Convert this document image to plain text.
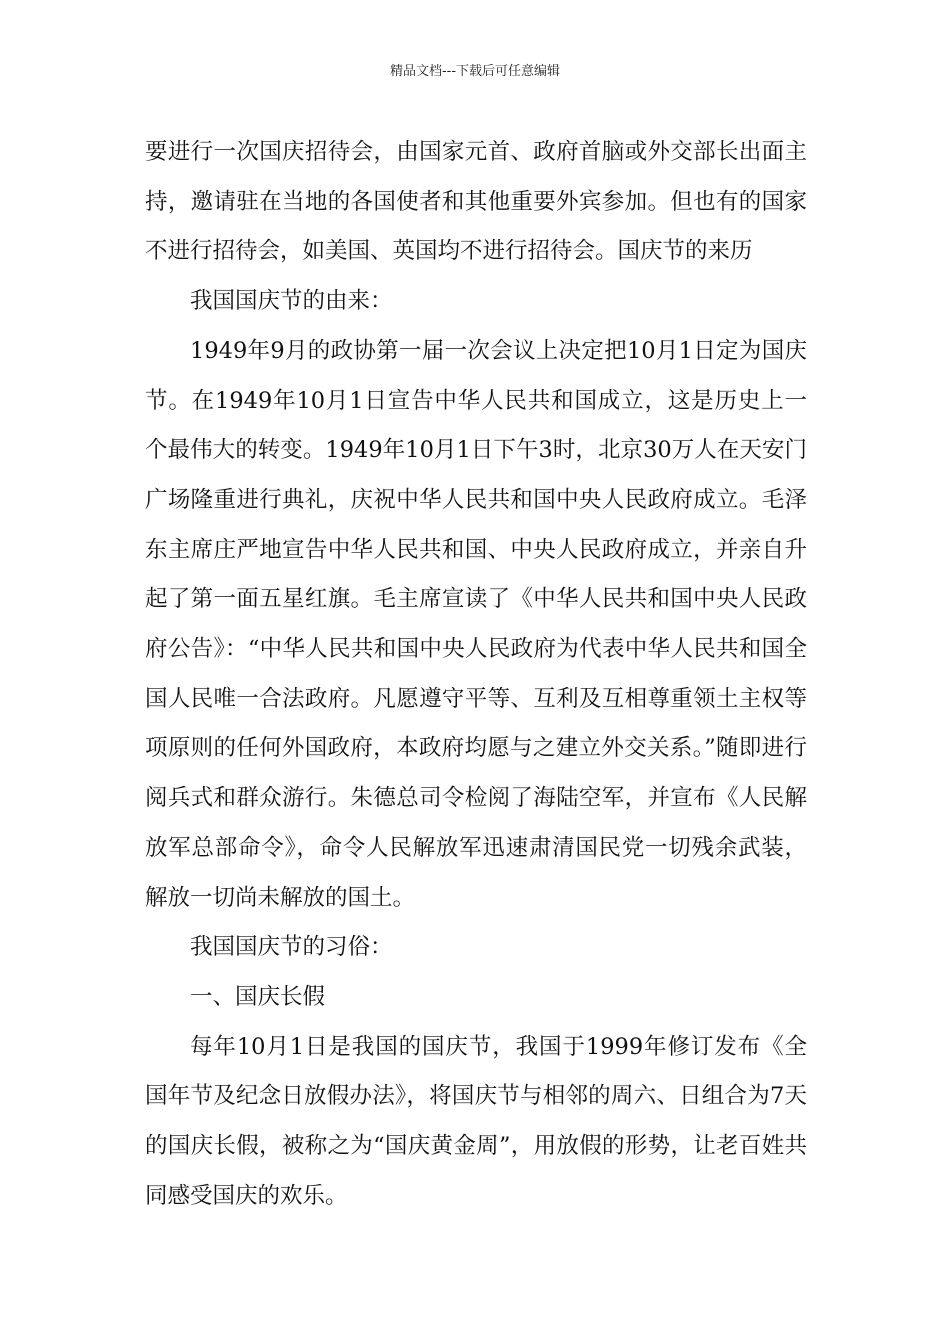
精品文档---下载后可任意编辑

要进行一次国庆招待会，由国家元首、政府首脑或外交部长出面主持，邀请驻在当地的各国使者和其他重要外宾参加。但也有的国家不进行招待会，如美国、英国均不进行招待会。国庆节的来历

我国国庆节的由来：

1949年9月的政协第一届一次会议上决定把10月1日定为国庆节。在1949年10月1日宣告中华人民共和国成立，这是历史上一个最伟大的转变。1949年10月1日下午3时，北京30万人在天安门广场隆重进行典礼，庆祝中华人民共和国中央人民政府成立。毛泽东主席庄严地宣告中华人民共和国、中央人民政府成立，并亲自升起了第一面五星红旗。毛主席宣读了《中华人民共和国中央人民政府公告》：“中华人民共和国中央人民政府为代表中华人民共和国全国人民唯一合法政府。凡愿遵守平等、互利及互相尊重领土主权等项原则的任何外国政府，本政府均愿与之建立外交关系。”随即进行阅兵式和群众游行。朱德总司令检阅了海陆空军，并宣布《人民解放军总部命令》，命令人民解放军迅速肃清国民党一切残余武装，解放一切尚未解放的国土。

我国国庆节的习俗：

一、国庆长假

每年10月1日是我国的国庆节，我国于1999年修订发布《全国年节及纪念日放假办法》，将国庆节与相邻的周六、日组合为7天的国庆长假，被称之为“国庆黄金周”，用放假的形势，让老百姓共同感受国庆的欢乐。
